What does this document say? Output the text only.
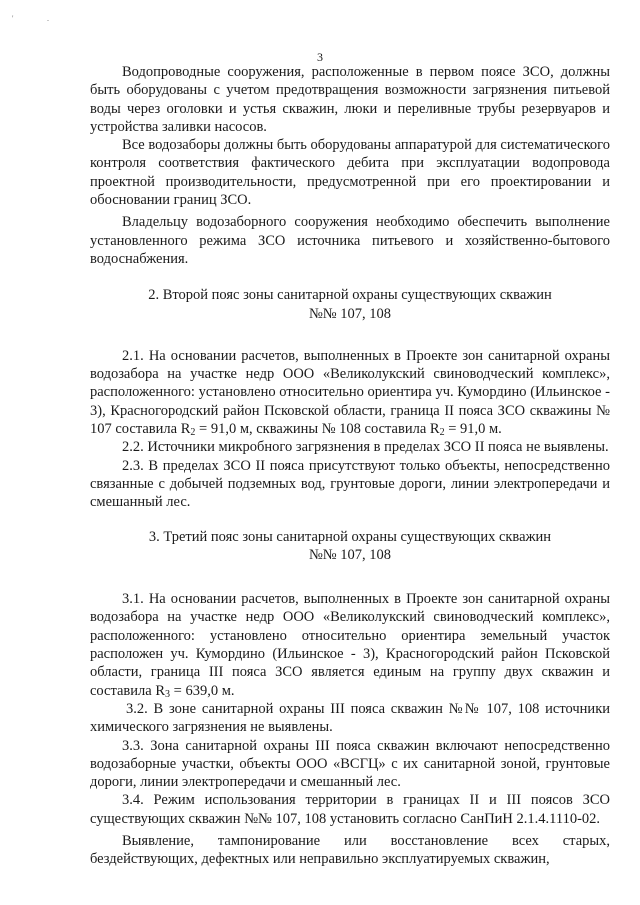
'	.
3

Водопроводные сооружения, расположенные в первом поясе ЗСО, должны быть оборудованы с учетом предотвращения возможности загрязнения питьевой воды через оголовки и устья скважин, люки и переливные трубы резервуаров и устройства заливки насосов.

Все водозаборы должны быть оборудованы аппаратурой для систематического контроля соответствия фактического дебита при эксплуатации водопровода проектной производительности, предусмотренной при его проектировании и обосновании границ ЗСО.

Владельцу водозаборного сооружения необходимо обеспечить выполнение установленного режима ЗСО источника питьевого и хозяйственно-бытового водоснабжения.

2. Второй пояс зоны санитарной охраны существующих скважин
№№ 107, 108

2.1. На основании расчетов, выполненных в Проекте зон санитарной охраны водозабора на участке недр ООО «Великолукский свиноводческий комплекс», расположенного: установлено относительно ориентира уч. Кумордино (Ильинское - 3), Красногородский район Псковской области, граница II пояса ЗСО скважины № 107 составила $R_2 = 91,0$ м, скважины № 108 составила $R_2 = 91,0$ м.

2.2. Источники микробного загрязнения в пределах ЗСО II пояса не выявлены.

2.3. В пределах ЗСО II пояса присутствуют только объекты, непосредственно связанные с добычей подземных вод, грунтовые дороги, линии электропередачи и смешанный лес.

3. Третий пояс зоны санитарной охраны существующих скважин
№№ 107, 108

3.1. На основании расчетов, выполненных в Проекте зон санитарной охраны водозабора на участке недр ООО «Великолукский свиноводческий комплекс», расположенного: установлено относительно ориентира земельный участок расположен уч. Кумордино (Ильинское - 3), Красногородский район Псковской области, граница III пояса ЗСО является единым на группу двух скважин и составила $R_3 = 639,0$ м.

3.2. В зоне санитарной охраны III пояса скважин №№ 107, 108 источники химического загрязнения не выявлены.

3.3. Зона санитарной охраны III пояса скважин включают непосредственно водозаборные участки, объекты ООО «ВСГЦ» с их санитарной зоной, грунтовые дороги, линии электропередачи и смешанный лес.

3.4. Режим использования территории в границах II и III поясов ЗСО существующих скважин №№ 107, 108 установить согласно СанПиН 2.1.4.1110-02.

Выявление, тампонирование или восстановление всех старых, бездействующих, дефектных или неправильно эксплуатируемых скважин,
